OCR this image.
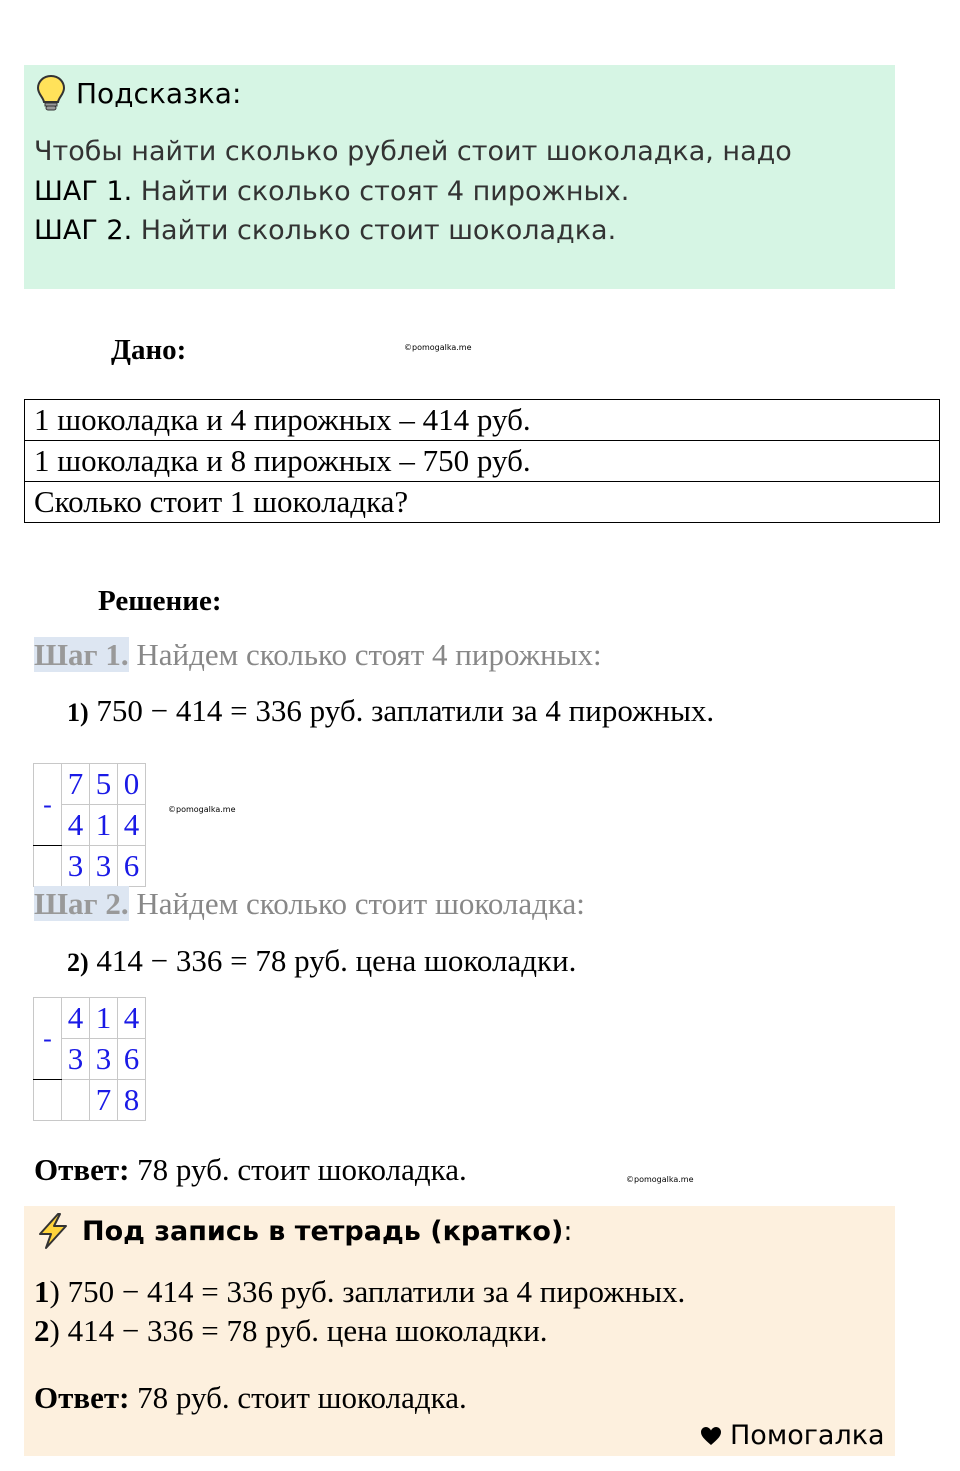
Подсказка:
Чтобы найти сколько рублей стоит шоколадка, надо
ШАГ 1. Найти сколько стоят 4 пирожных.
ШАГ 2. Найти сколько стоит шоколадка.
Дано:	©pomogalka.me
1 шоколадка и 4 пирожных – 414 руб.
1 шоколадка и 8 пирожных – 750 руб.
Сколько стоит 1 шоколадка?
Решение:
Шаг 1. Найдем сколько стоят 4 пирожных:
1) 750 − 414 = 336 руб. заплатили за 4 пирожных.
-	7	5	0
	4	1	4
	3	3	6
©pomogalka.me
Шаг 2. Найдем сколько стоит шоколадка:
2) 414 − 336 = 78 руб. цена шоколадки.
-	4	1	4
	3	3	6
		7	8
Ответ: 78 руб. стоит шоколадка.	©pomogalka.me
Под запись в тетрадь (кратко) :
1) 750 − 414 = 336 руб. заплатили за 4 пирожных.
2) 414 − 336 = 78 руб. цена шоколадки.
Ответ: 78 руб. стоит шоколадка.
Помогалка
